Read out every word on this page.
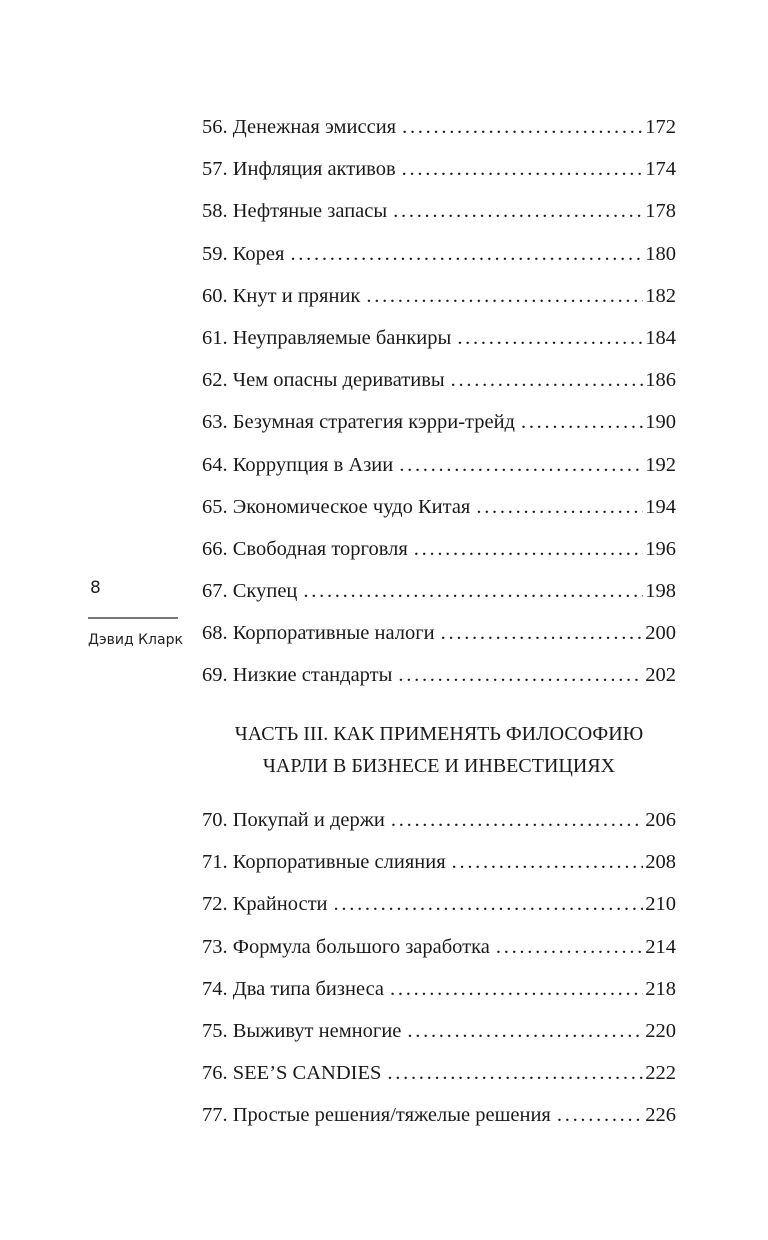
8
Дэвид Кларк
56. Денежная эмиссия . . .	172
57. Инфляция активов . . .	174
58. Нефтяные запасы . . .	178
59. Корея . . .	180
60. Кнут и пряник . . .	182
61. Неуправляемые банкиры . . .	184
62. Чем опасны деривативы . . .	186
63. Безумная стратегия кэрри-трейд . . .	190
64. Коррупция в Азии . . .	192
65. Экономическое чудо Китая . . .	194
66. Свободная торговля . . .	196
67. Скупец . . .	198
68. Корпоративные налоги . . .	200
69. Низкие стандарты . . .	202
ЧАСТЬ III. КАК ПРИМЕНЯТЬ ФИЛОСОФИЮ
ЧАРЛИ В БИЗНЕСЕ И ИНВЕСТИЦИЯХ
70. Покупай и держи . . .	206
71. Корпоративные слияния . . .	208
72. Крайности . . .	210
73. Формула большого заработка . . .	214
74. Два типа бизнеса . . .	218
75. Выживут немногие . . .	220
76. SEE’S CANDIES . . .	222
77. Простые решения/тяжелые решения . . .	226
